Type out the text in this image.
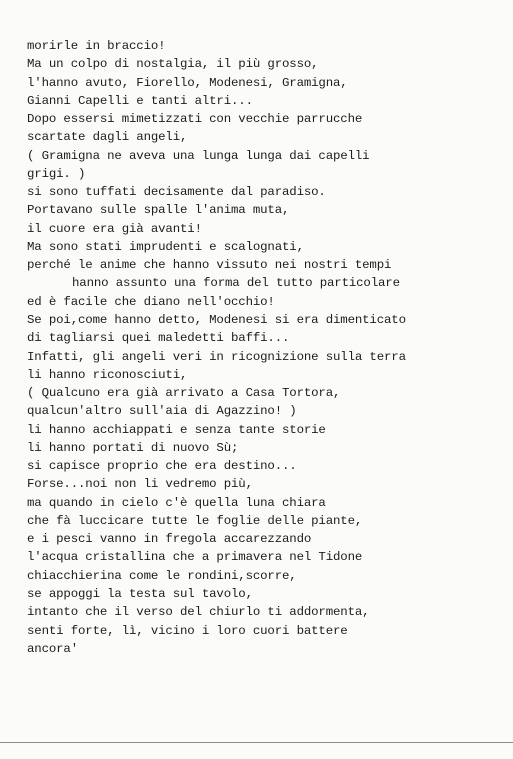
morirle in braccio!
Ma un colpo di nostalgia, il più grosso,
l'hanno avuto, Fiorello, Modenesi, Gramigna,
Gianni Capelli e tanti altri...
Dopo essersi mimetizzati con vecchie parrucche
scartate dagli angeli,
( Gramigna ne aveva una lunga lunga dai capelli
grigi. )
si sono tuffati decisamente dal paradiso.
Portavano sulle spalle l'anima muta,
il cuore era già avanti!
Ma sono stati imprudenti e scalognati,
perché le anime che hanno vissuto nei nostri tempi
hanno assunto una forma del tutto particolare
ed è facile che diano nell'occhio!
Se poi,come hanno detto, Modenesi si era dimenticato
di tagliarsi quei maledetti baffi...
Infatti, gli angeli veri in ricognizione sulla terra
li hanno riconosciuti,
( Qualcuno era già arrivato a Casa Tortora,
qualcun'altro sull'aia di Agazzino! )
li hanno acchiappati e senza tante storie
li hanno portati di nuovo Sù;
si capisce proprio che era destino...
Forse...noi non li vedremo più,
ma quando in cielo c'è quella luna chiara
che fà luccicare tutte le foglie delle piante,
e i pesci vanno in fregola accarezzando
l'acqua cristallina che a primavera nel Tidone
chiacchierina come le rondini,scorre,
se appoggi la testa sul tavolo,
intanto che il verso del chiurlo ti addormenta,
senti forte, lì, vicino i loro cuori battere
ancora'
